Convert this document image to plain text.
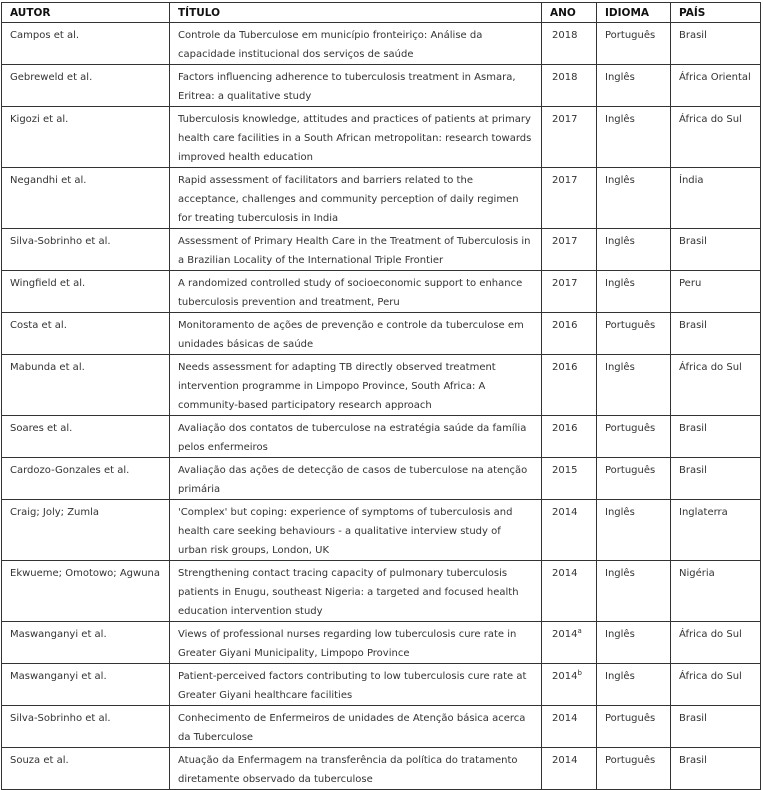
AUTOR	TÍTULO	ANO	IDIOMA	PAÍS
Campos et al.	Controle da Tuberculose em município fronteiriço: Análise da capacidade institucional dos serviços de saúde	2018	Português	Brasil
Gebreweld et al.	Factors influencing adherence to tuberculosis treatment in Asmara, Eritrea: a qualitative study	2018	Inglês	África Oriental
Kigozi et al.	Tuberculosis knowledge, attitudes and practices of patients at primary health care facilities in a South African metropolitan: research towards improved health education	2017	Inglês	África do Sul
Negandhi et al.	Rapid assessment of facilitators and barriers related to the acceptance, challenges and community perception of daily regimen for treating tuberculosis in India	2017	Inglês	Índia
Silva-Sobrinho et al.	Assessment of Primary Health Care in the Treatment of Tuberculosis in a Brazilian Locality of the International Triple Frontier	2017	Inglês	Brasil
Wingfield et al.	A randomized controlled study of socioeconomic support to enhance tuberculosis prevention and treatment, Peru	2017	Inglês	Peru
Costa et al.	Monitoramento de ações de prevenção e controle da tuberculose em unidades básicas de saúde	2016	Português	Brasil
Mabunda et al.	Needs assessment for adapting TB directly observed treatment intervention programme in Limpopo Province, South Africa: A community-based participatory research approach	2016	Inglês	África do Sul
Soares et al.	Avaliação dos contatos de tuberculose na estratégia saúde da família pelos enfermeiros	2016	Português	Brasil
Cardozo-Gonzales et al.	Avaliação das ações de detecção de casos de tuberculose na atenção primária	2015	Português	Brasil
Craig; Joly; Zumla	'Complex' but coping: experience of symptoms of tuberculosis and health care seeking behaviours - a qualitative interview study of urban risk groups, London, UK	2014	Inglês	Inglaterra
Ekwueme; Omotowo; Agwuna	Strengthening contact tracing capacity of pulmonary tuberculosis patients in Enugu, southeast Nigeria: a targeted and focused health education intervention study	2014	Inglês	Nigéria
Maswanganyi et al.	Views of professional nurses regarding low tuberculosis cure rate in Greater Giyani Municipality, Limpopo Province	2014$^a$	Inglês	África do Sul
Maswanganyi et al.	Patient-perceived factors contributing to low tuberculosis cure rate at Greater Giyani healthcare facilities	2014$^b$	Inglês	África do Sul
Silva-Sobrinho et al.	Conhecimento de Enfermeiros de unidades de Atenção básica acerca da Tuberculose	2014	Português	Brasil
Souza et al.	Atuação da Enfermagem na transferência da política do tratamento diretamente observado da tuberculose	2014	Português	Brasil
